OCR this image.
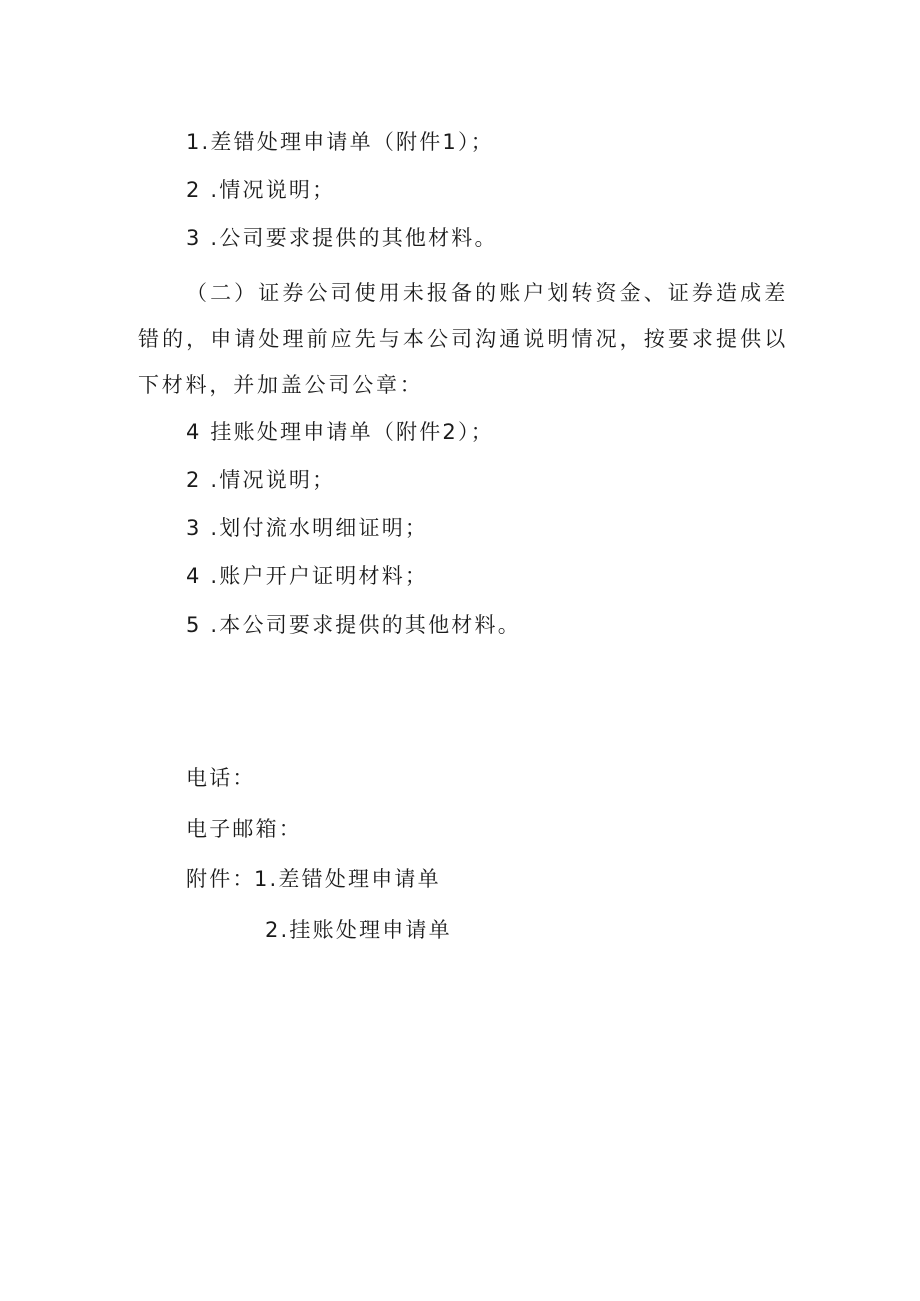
1.差错处理申请单（附件1）；
2 .情况说明；
3 .公司要求提供的其他材料。
（二）证券公司使用未报备的账户划转资金、证券造成差错的，申请处理前应先与本公司沟通说明情况，按要求提供以下材料，并加盖公司公章：
4 挂账处理申请单（附件2）；
2 .情况说明；
3 .划付流水明细证明；
4 .账户开户证明材料；
5 .本公司要求提供的其他材料。
电话：
电子邮箱：
附件：
1.差错处理申请单
2.挂账处理申请单
